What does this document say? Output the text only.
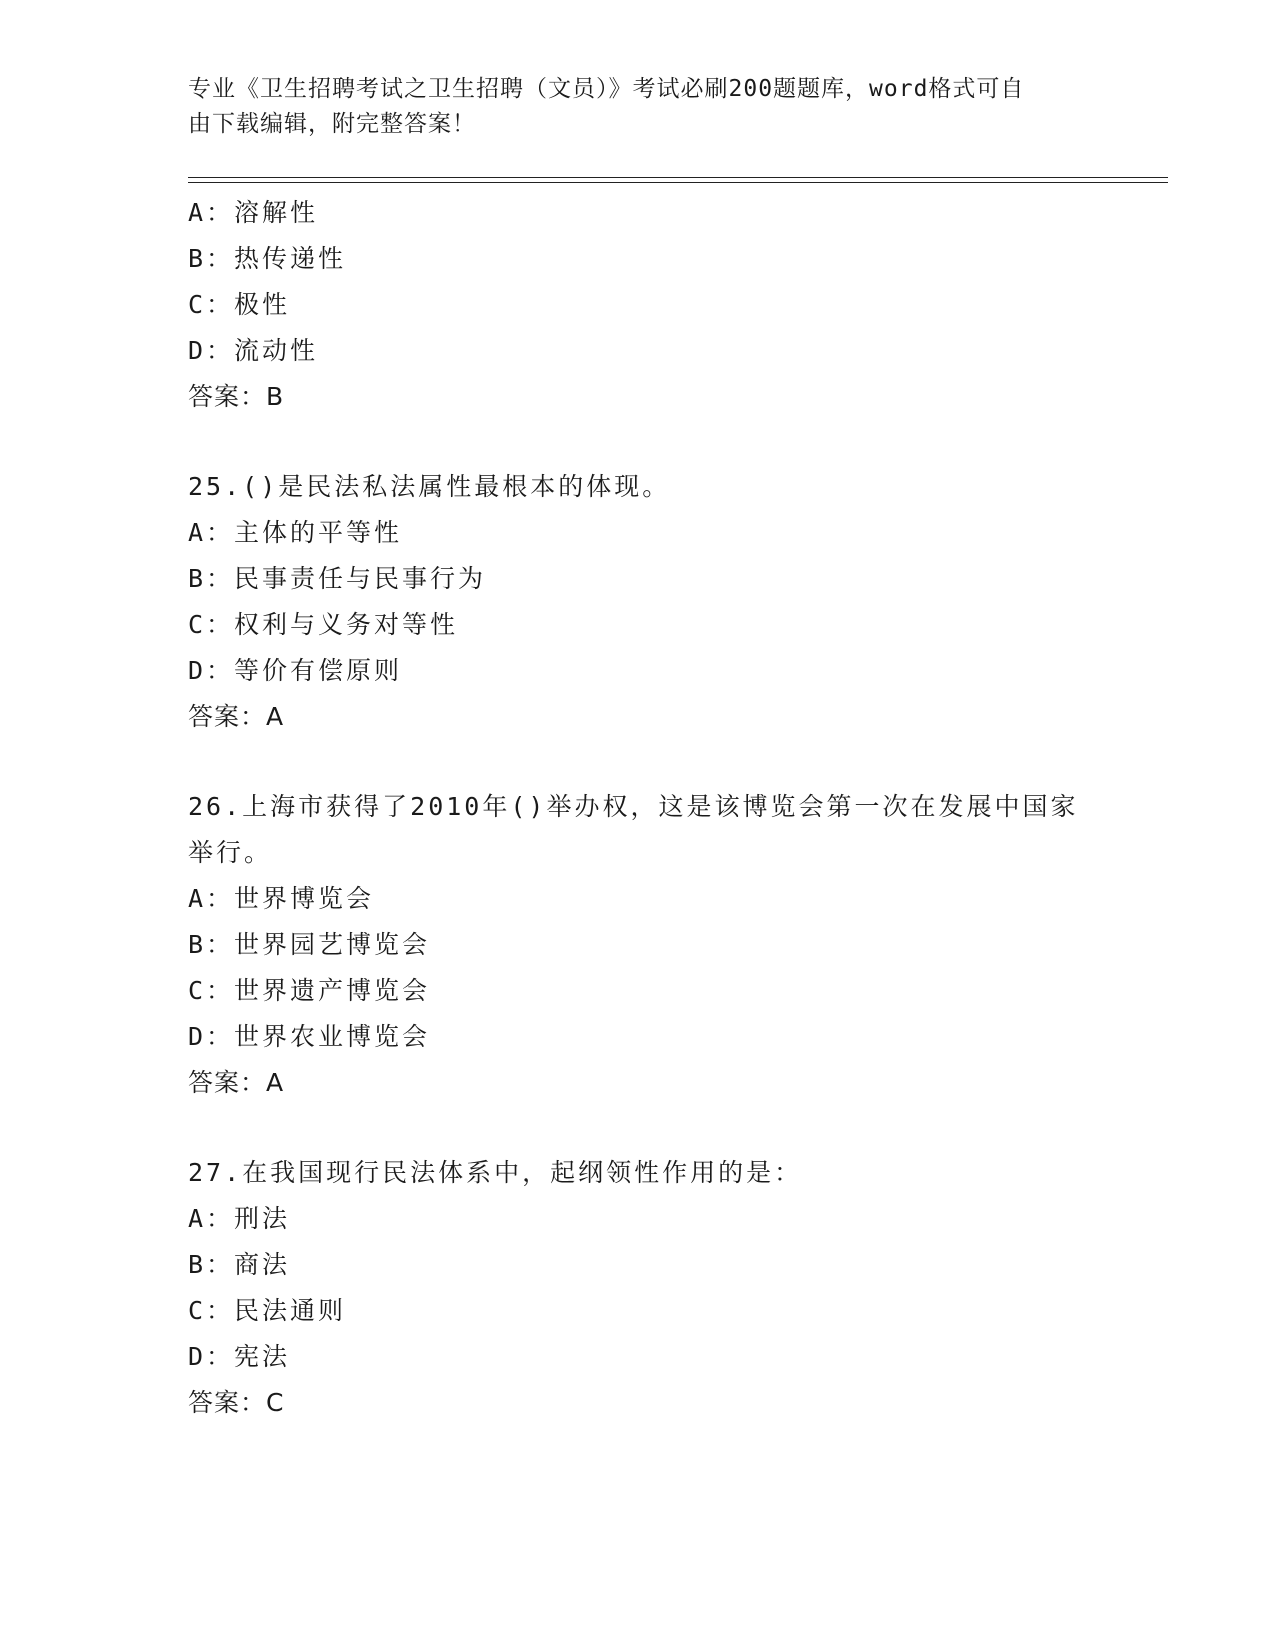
专业《卫生招聘考试之卫生招聘（文员）》考试必刷200题题库，word格式可自
由下载编辑，附完整答案！
A：溶解性
B：热传递性
C：极性
D：流动性
答案：B
25.()是民法私法属性最根本的体现。
A：主体的平等性
B：民事责任与民事行为
C：权利与义务对等性
D：等价有偿原则
答案：A
26.上海市获得了2010年()举办权，这是该博览会第一次在发展中国家举行。
A：世界博览会
B：世界园艺博览会
C：世界遗产博览会
D：世界农业博览会
答案：A
27.在我国现行民法体系中，起纲领性作用的是：
A：刑法
B：商法
C：民法通则
D：宪法
答案：C
